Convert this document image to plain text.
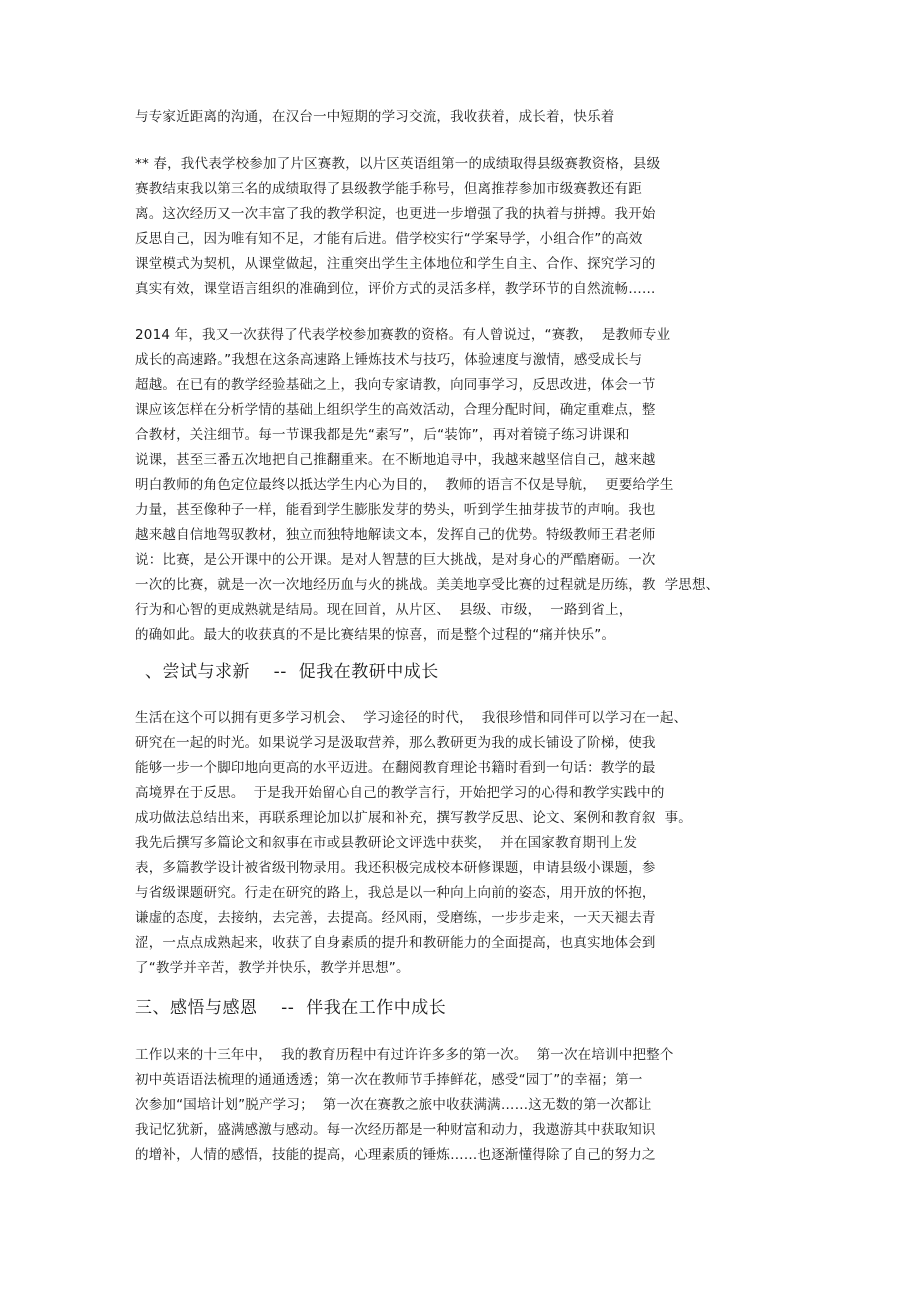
与专家近距离的沟通，在汉台一中短期的学习交流，我收获着，成长着，快乐着
** 春，我代表学校参加了片区赛教，以片区英语组第一的成绩取得县级赛教资格，县级
赛教结束我以第三名的成绩取得了县级教学能手称号，但离推荐参加市级赛教还有距
离。这次经历又一次丰富了我的教学积淀，也更进一步增强了我的执着与拼搏。我开始
反思自己，因为唯有知不足，才能有后进。借学校实行“学案导学，小组合作”的高效
课堂模式为契机，从课堂做起，注重突出学生主体地位和学生自主、合作、探究学习的
真实有效，课堂语言组织的准确到位，评价方式的灵活多样，教学环节的自然流畅……
2014 年，我又一次获得了代表学校参加赛教的资格。有人曾说过，“赛教，  是教师专业
成长的高速路。”我想在这条高速路上锤炼技术与技巧，体验速度与激情，感受成长与
超越。在已有的教学经验基础之上，我向专家请教，向同事学习，反思改进，体会一节
课应该怎样在分析学情的基础上组织学生的高效活动，合理分配时间，确定重难点，整
合教材，关注细节。每一节课我都是先“素写”，后“装饰”，再对着镜子练习讲课和
说课，甚至三番五次地把自己推翻重来。在不断地追寻中，我越来越坚信自己，越来越
明白教师的角色定位最终以抵达学生内心为目的，  教师的语言不仅是导航，  更要给学生
力量，甚至像种子一样，能看到学生膨胀发芽的势头，听到学生抽芽拔节的声响。我也
越来越自信地驾驭教材，独立而独特地解读文本，发挥自己的优势。特级教师王君老师
说：比赛，是公开课中的公开课。是对人智慧的巨大挑战，是对身心的严酷磨砺。一次
一次的比赛，就是一次一次地经历血与火的挑战。美美地享受比赛的过程就是历练，教  学思想、
行为和心智的更成熟就是结局。现在回首，从片区、  县级、市级，  一路到省上，
的确如此。最大的收获真的不是比赛结果的惊喜，而是整个过程的“痛并快乐”。
、尝试与求新    --  促我在教研中成长
生活在这个可以拥有更多学习机会、  学习途径的时代，  我很珍惜和同伴可以学习在一起、
研究在一起的时光。如果说学习是汲取营养，那么教研更为我的成长铺设了阶梯，使我
能够一步一个脚印地向更高的水平迈进。在翻阅教育理论书籍时看到一句话：教学的最
高境界在于反思。  于是我开始留心自己的教学言行，开始把学习的心得和教学实践中的
成功做法总结出来，再联系理论加以扩展和补充，撰写教学反思、论文、案例和教育叙  事。
我先后撰写多篇论文和叙事在市或县教研论文评选中获奖，  并在国家教育期刊上发
表，多篇教学设计被省级刊物录用。我还积极完成校本研修课题，申请县级小课题，参
与省级课题研究。行走在研究的路上，我总是以一种向上向前的姿态，用开放的怀抱，
谦虚的态度，去接纳，去完善，去提高。经风雨，受磨练，一步步走来，一天天褪去青
涩，一点点成熟起来，收获了自身素质的提升和教研能力的全面提高，也真实地体会到
了“教学并辛苦，教学并快乐，教学并思想”。
三、感悟与感恩    --  伴我在工作中成长
工作以来的十三年中，  我的教育历程中有过许许多多的第一次。  第一次在培训中把整个
初中英语语法梳理的通通透透；第一次在教师节手捧鲜花，感受“园丁”的幸福；第一
次参加“国培计划”脱产学习；  第一次在赛教之旅中收获满满……这无数的第一次都让
我记忆犹新，盛满感激与感动。每一次经历都是一种财富和动力，我遨游其中获取知识
的增补，人情的感悟，技能的提高，心理素质的锤炼……也逐渐懂得除了自己的努力之
